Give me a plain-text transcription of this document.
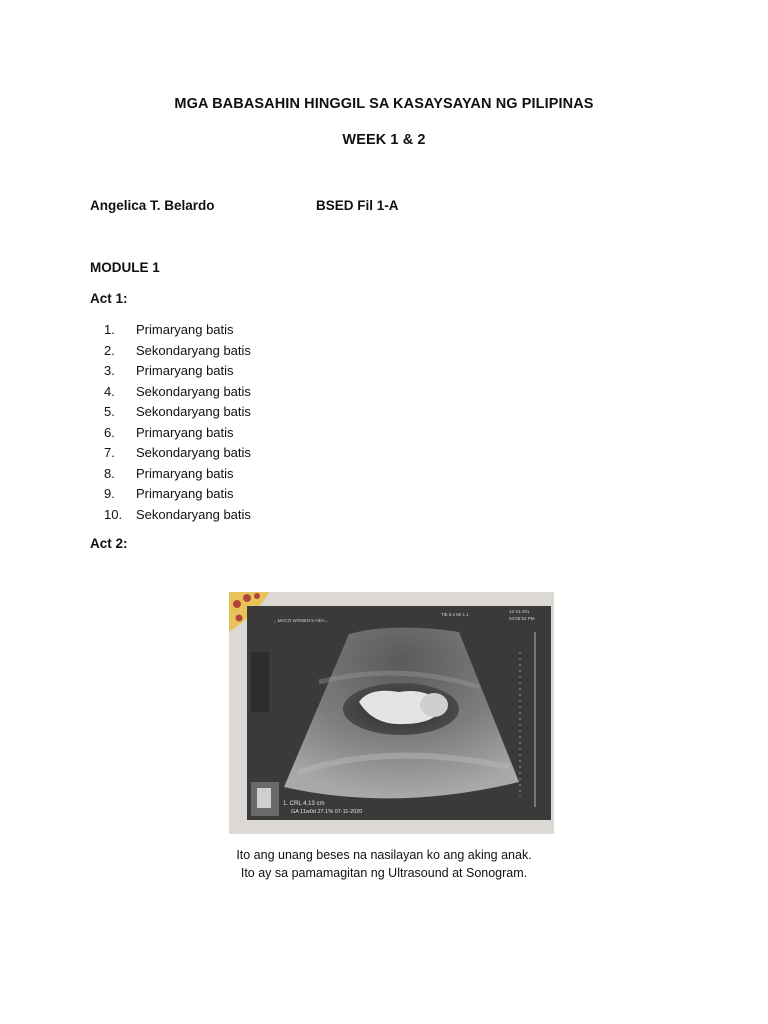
MGA BABASAHIN HINGGIL SA KASAYSAYAN NG PILIPINAS
WEEK 1 & 2
Angelica T. Belardo	BSED Fil 1-A
MODULE 1
Act 1:
1.	Primaryang batis
2.	Sekondaryang batis
3.	Primaryang batis
4.	Sekondaryang batis
5.	Sekondaryang batis
6.	Primaryang batis
7.	Sekondaryang batis
8.	Primaryang batis
9.	Primaryang batis
10.	Sekondaryang batis
Act 2:
...MACO WOMEN'S HEA...
TIb 0.4 MI 1.1
12-21-201
04:55:53 PM
1. CRL 4.13 cm
GA 11w0d 27.1% 07-11-2020
Ito ang unang beses na nasilayan ko ang aking anak.
Ito ay sa pamamagitan ng Ultrasound at Sonogram.
